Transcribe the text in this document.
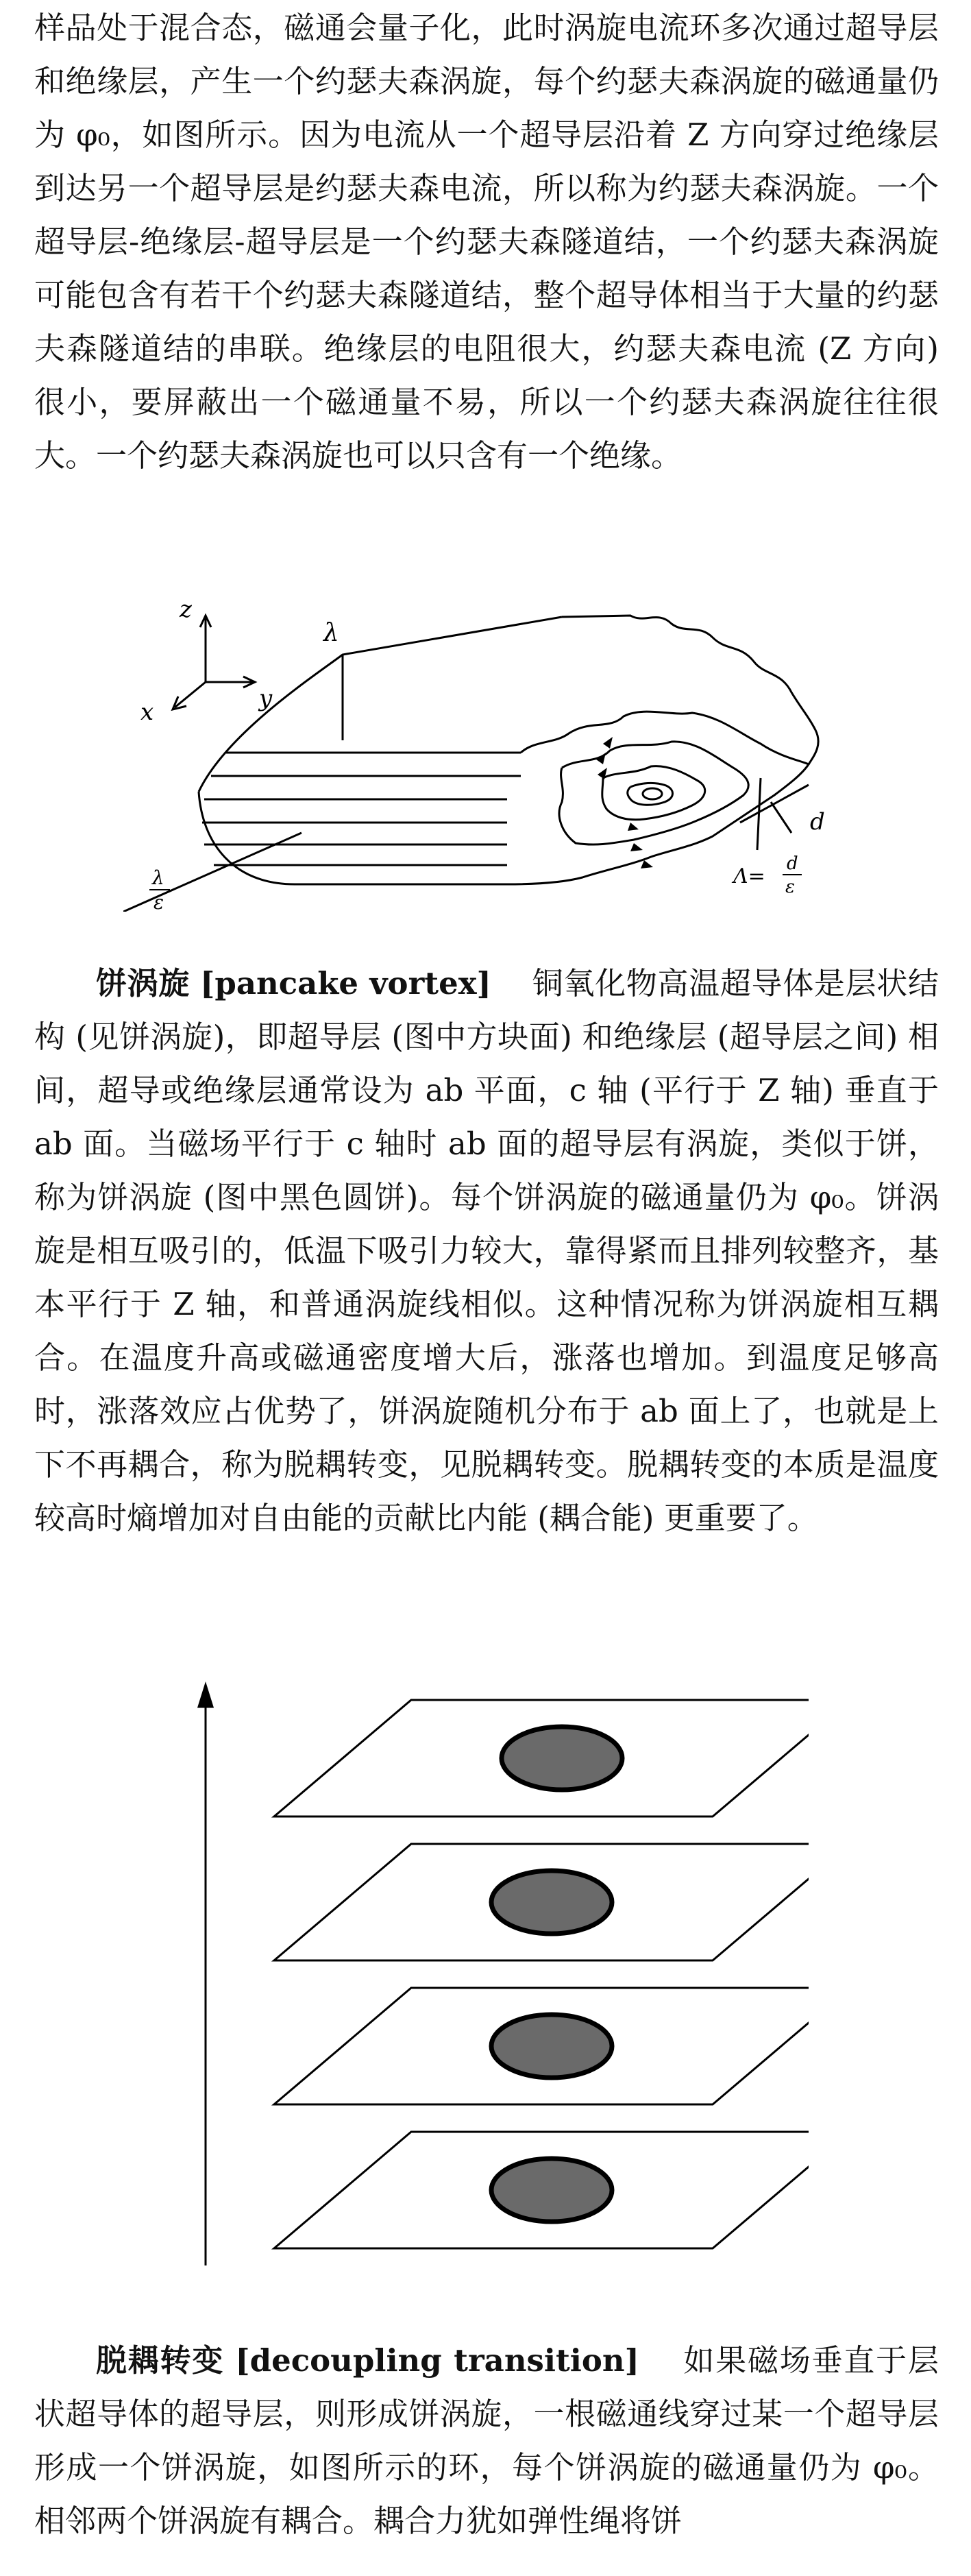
样品处于混合态，磁通会量子化，此时涡旋电流环多次通过超导层和绝缘层，产生一个约瑟夫森涡旋，每个约瑟夫森涡旋的磁通量仍为 φ₀，如图所示。因为电流从一个超导层沿着 Z 方向穿过绝缘层到达另一个超导层是约瑟夫森电流，所以称为约瑟夫森涡旋。一个超导层-绝缘层-超导层是一个约瑟夫森隧道结，一个约瑟夫森涡旋可能包含有若干个约瑟夫森隧道结，整个超导体相当于大量的约瑟夫森隧道结的串联。绝缘层的电阻很大，约瑟夫森电流 (Z 方向) 很小，要屏蔽出一个磁通量不易，所以一个约瑟夫森涡旋往往很大。一个约瑟夫森涡旋也可以只含有一个绝缘。

z
y
x
λ
λ
ε
d
Λ=
d
ε

饼涡旋 [pancake vortex] 铜氧化物高温超导体是层状结构 (见饼涡旋)，即超导层 (图中方块面) 和绝缘层 (超导层之间) 相间，超导或绝缘层通常设为 ab 平面，c 轴 (平行于 Z 轴) 垂直于 ab 面。当磁场平行于 c 轴时 ab 面的超导层有涡旋，类似于饼，称为饼涡旋 (图中黑色圆饼)。每个饼涡旋的磁通量仍为 φ₀。饼涡旋是相互吸引的，低温下吸引力较大，靠得紧而且排列较整齐，基本平行于 Z 轴，和普通涡旋线相似。这种情况称为饼涡旋相互耦合。在温度升高或磁通密度增大后，涨落也增加。到温度足够高时，涨落效应占优势了，饼涡旋随机分布于 ab 面上了，也就是上下不再耦合，称为脱耦转变，见脱耦转变。脱耦转变的本质是温度较高时熵增加对自由能的贡献比内能 (耦合能) 更重要了。

脱耦转变 [decoupling transition] 如果磁场垂直于层状超导体的超导层，则形成饼涡旋，一根磁通线穿过某一个超导层形成一个饼涡旋，如图所示的环，每个饼涡旋的磁通量仍为 φ₀。相邻两个饼涡旋有耦合。耦合力犹如弹性绳将饼
